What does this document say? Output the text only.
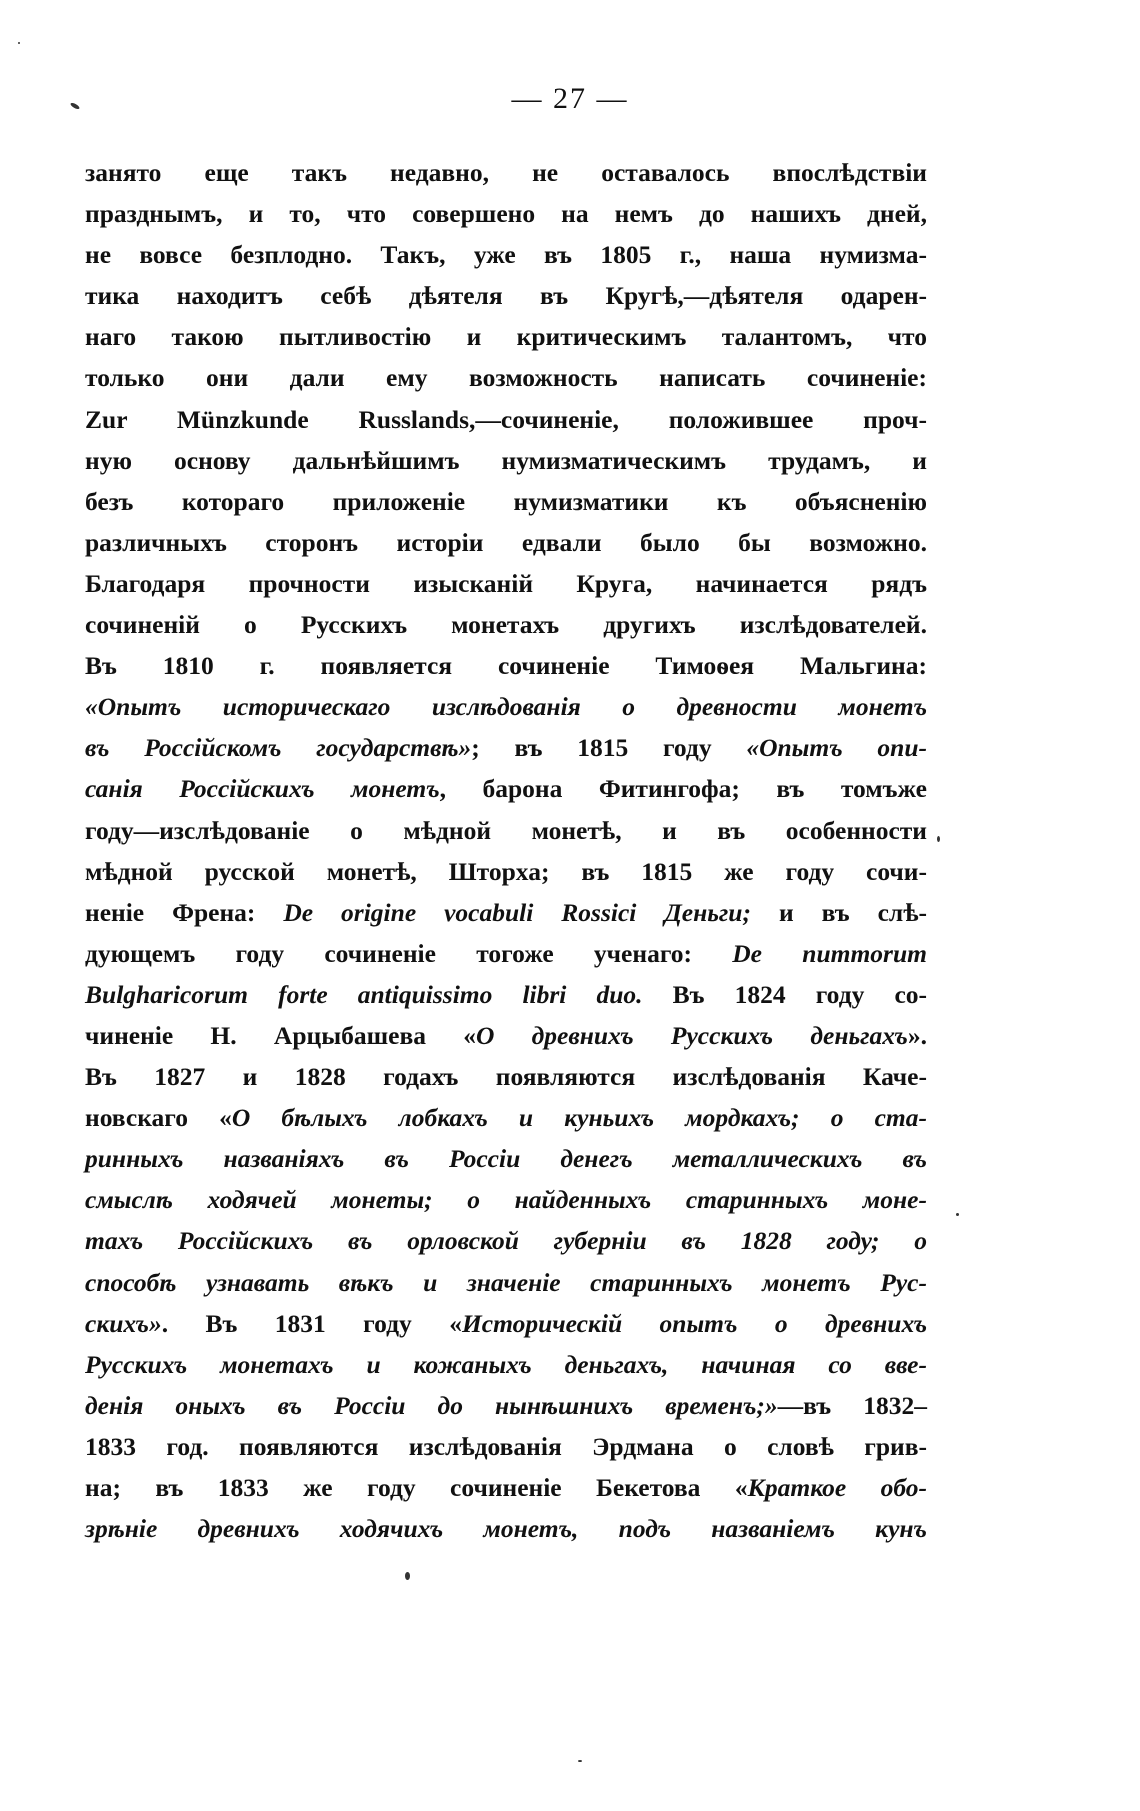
— 27 —
занято еще такъ недавно, не оставалось впослѣдствіи
празднымъ, и то, что совершено на немъ до нашихъ дней,
не вовсе безплодно. Такъ, уже въ 1805 г., наша нумизма-
тика находитъ себѣ дѣятеля въ Кругѣ,—дѣятеля одарен-
наго такою пытливостію и критическимъ талантомъ, что
только они дали ему возможность написать сочиненіе:
Zur Münzkunde Russlands,—сочиненіе, положившее проч-
ную основу дальнѣйшимъ нумизматическимъ трудамъ, и
безъ котораго приложеніе нумизматики къ объясненію
различныхъ сторонъ исторіи едвали было бы возможно.
Благодаря прочности изысканій Круга, начинается рядъ
сочиненій о Русскихъ монетахъ другихъ изслѣдователей.
Въ 1810 г. появляется сочиненіе Тимоѳея Мальгина:
«Опытъ историческаго изслѣдованія о древности монетъ
въ Россійскомъ государствѣ»; въ 1815 году «Опытъ опи-
санія Россійскихъ монетъ, барона Фитингофа; въ томъже
году—изслѣдованіе о мѣдной монетѣ, и въ особенности
мѣдной русской монетѣ, Шторха; въ 1815 же году сочи-
неніе Френа: De origine vocabuli Rossici Деньги; и въ слѣ-
дующемъ году сочиненіе тогоже ученаго: De nummorum
Bulgharicorum forte antiquissimo libri duo. Въ 1824 году со-
чиненіе Н. Арцыбашева «О древнихъ Русскихъ деньгахъ».
Въ 1827 и 1828 годахъ появляются изслѣдованія Каче-
новскаго «О бѣлыхъ лобкахъ и куньихъ мордкахъ; о ста-
ринныхъ названіяхъ въ Россіи денегъ металлическихъ въ
смыслѣ ходячей монеты; о найденныхъ старинныхъ моне-
тахъ Россійскихъ въ орловской губерніи въ 1828 году; о
способѣ узнавать вѣкъ и значеніе старинныхъ монетъ Рус-
скихъ». Въ 1831 году «Историческій опытъ о древнихъ
Русскихъ монетахъ и кожаныхъ деньгахъ, начиная со вве-
денія оныхъ въ Россіи до нынѣшнихъ временъ;»—въ 1832–
1833 год. появляются изслѣдованія Эрдмана о словѣ грив-
на; въ 1833 же году сочиненіе Бекетова «Краткое обо-
зрѣніе древнихъ ходячихъ монетъ, подъ названіемъ кунъ
